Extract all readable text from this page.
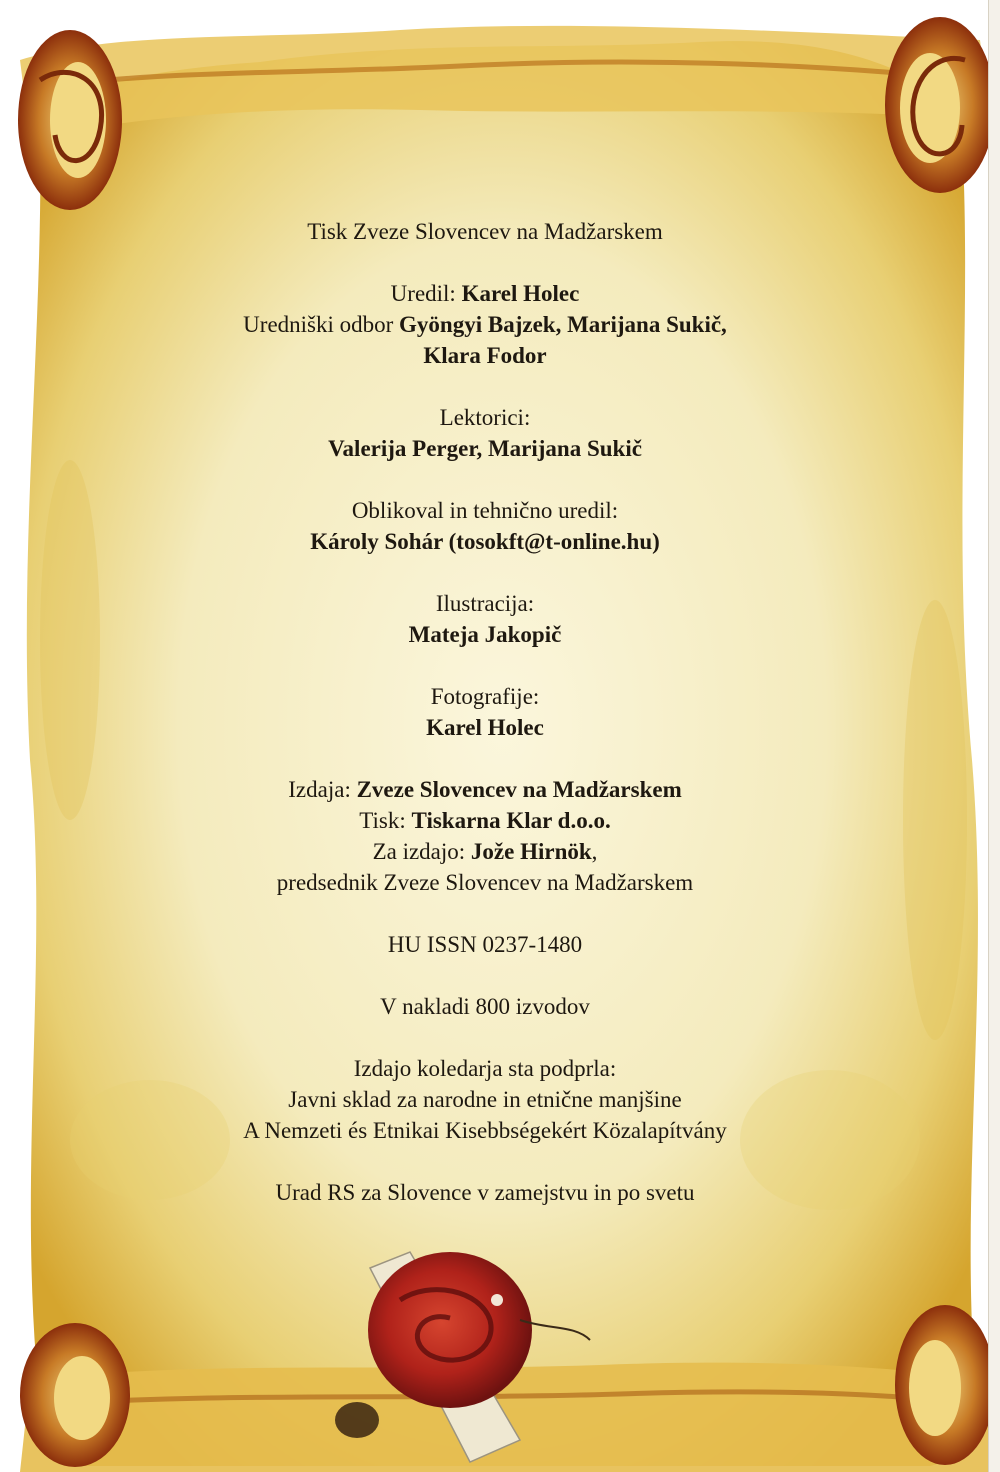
Kamra

Tisk Zveze Slovencev na Madžarskem

Uredil: Karel Holec

Uredniški odbor Gyöngyi Bajzek, Marijana Sukič,

Klara Fodor

Lektorici:

Valerija Perger, Marijana Sukič

Oblikoval in tehnično uredil:

Károly Sohár (tosokft@t-online.hu)

Ilustracija:

Mateja Jakopič

Fotografije:

Karel Holec

Izdaja: Zveze Slovencev na Madžarskem

Tisk: Tiskarna Klar d.o.o.

Za izdajo: Jože Hirnök,

predsednik Zveze Slovencev na Madžarskem

HU ISSN 0237-1480

V nakladi 800 izvodov

Izdajo koledarja sta podprla:

Javni sklad za narodne in etnične manjšine

A Nemzeti és Etnikai Kisebbségekért Közalapítvány

Urad RS za Slovence v zamejstvu in po svetu
